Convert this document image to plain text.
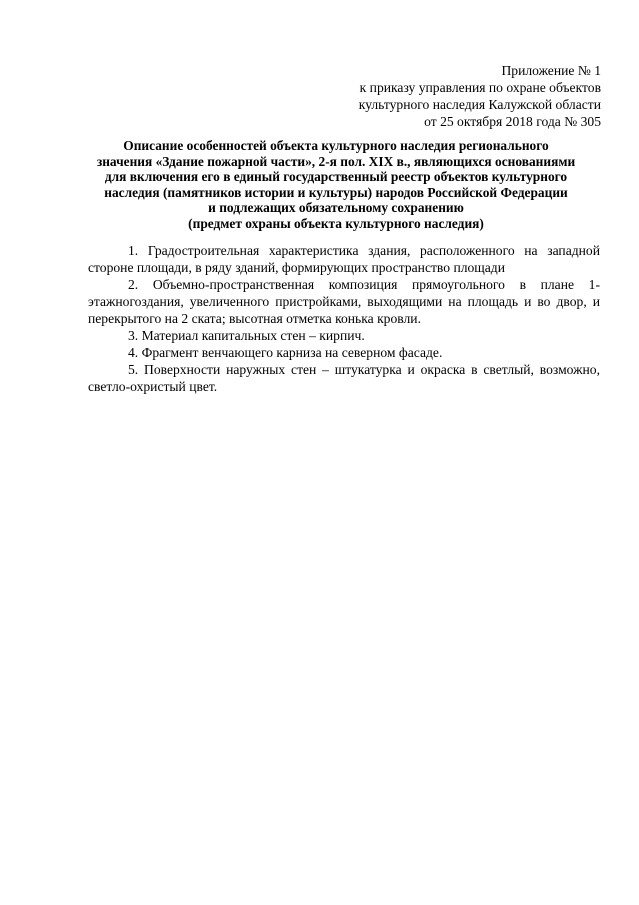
Приложение № 1
к приказу управления по охране объектов
культурного наследия Калужской области
от 25 октября 2018 года № 305
Описание особенностей объекта культурного наследия регионального
значения «Здание пожарной части», 2-я пол. XIX в., являющихся основаниями
для включения его в единый государственный реестр объектов культурного
наследия (памятников истории и культуры) народов Российской Федерации
и подлежащих обязательному сохранению
(предмет охраны объекта культурного наследия)

1. Градостроительная характеристика здания, расположенного на западной стороне площади, в ряду зданий, формирующих пространство площади

2. Объемно-пространственная композиция прямоугольного в плане 1-этажногоздания, увеличенного пристройками, выходящими на площадь и во двор, и перекрытого на 2 ската; высотная отметка конька кровли.

3. Материал капитальных стен – кирпич.

4. Фрагмент венчающего карниза на северном фасаде.

5. Поверхности наружных стен – штукатурка и окраска в светлый, возможно, светло-охристый цвет.
